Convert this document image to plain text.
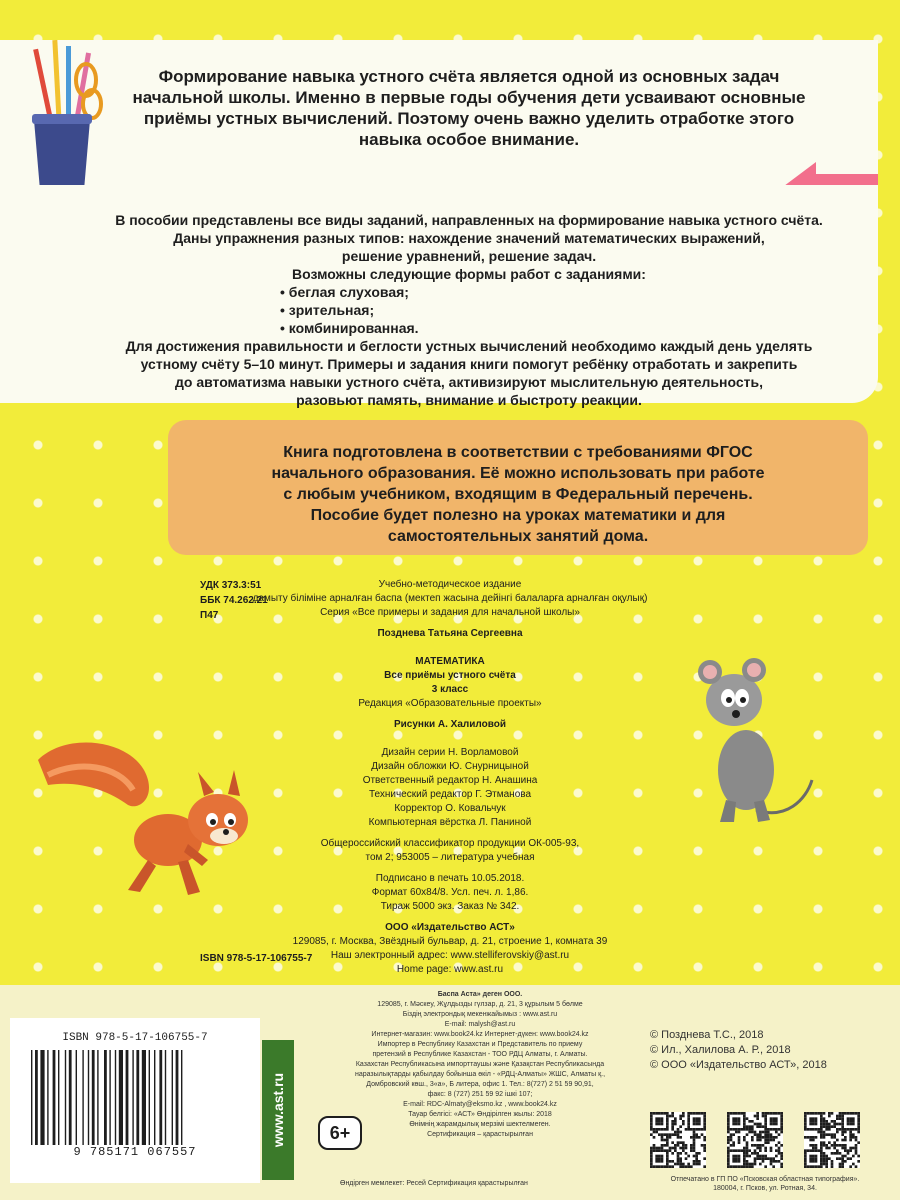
Формирование навыка устного счёта является одной из основных задач

начальной школы. Именно в первые годы обучения дети усваивают основные

приёмы устных вычислений. Поэтому очень важно уделить отработке этого

навыка особое внимание.

В пособии представлены все виды заданий, направленных на формирование навыка устного счёта.
Даны упражнения разных типов: нахождение значений математических выражений,
решение уравнений, решение задач.
Возможны следующие формы работ с заданиями:
• беглая слуховая;
• зрительная;
• комбинированная.
Для достижения правильности и беглости устных вычислений необходимо каждый день уделять
устному счёту 5–10 минут. Примеры и задания книги помогут ребёнку отработать и закрепить
до автоматизма навыки устного счёта, активизируют мыслительную деятельность,
разовьют память, внимание и быстроту реакции.
Книга подготовлена в соответствии с требованиями ФГОС
начального образования. Её можно использовать при работе
с любым учебником, входящим в Федеральный перечень.
Пособие будет полезно на уроках математики и для
самостоятельных занятий дома.
УДК 373.3:51
ББК 74.262.21
П47
Учебно-методическое издание
дамыту біліміне арналған баспа (мектеп жасына дейінгі балаларға арналған оқулық)
Серия «Все примеры и задания для начальной школы»
Позднева Татьяна Сергеевна
МАТЕМАТИКА
Все приёмы устного счёта
3 класс
Редакция «Образовательные проекты»
Рисунки А. Халиловой
Дизайн серии Н. Ворламовой
Дизайн обложки Ю. Снурницыной
Ответственный редактор Н. Анашина
Технический редактор Г. Этманова
Корректор О. Ковальчук
Компьютерная вёрстка Л. Паниной
Общероссийский классификатор продукции ОК-005-93,
том 2; 953005 – литература учебная
Подписано в печать 10.05.2018.
Формат 60x84/8. Усл. печ. л. 1,86.
Тираж 5000 экз. Заказ № 342.
ООО «Издательство АСТ»
129085, г. Москва, Звёздный бульвар, д. 21, строение 1, комната 39
Наш электронный адрес: www.stelliferovskiy@ast.ru
Home page: www.ast.ru
ISBN 978-5-17-106755-7
ISBN 978-5-17-106755-7
9 785171 067557
www.ast.ru
Баспа Аста» деген ООО.
129085, г. Мәскеу, Жұлдызды гүлзар, д. 21, 3 құрылым 5 бөлме
Біздің электрондық мекенжайымыз : www.ast.ru
E-mail: malysh@ast.ru
Интернет-магазин: www.book24.kz Интернет-дүкен: www.book24.kz
Импортер в Республику Казахстан и Представитель по приему
претензий в Республике Казахстан - ТОО РДЦ Алматы, г. Алматы.
Казахстан Республикасына импорттаушы және Қазақстан Республикасында
наразылықтарды қабылдау бойынша өкіл - «РДЦ-Алматы» ЖШС, Алматы қ.,
Домбровский көш., 3«а», Б литера, офис 1. Тел.: 8(727) 2 51 59 90,91,
факс: 8 (727) 251 59 92 ішкі 107;
E-mail: RDC-Almaty@eksmo.kz , www.book24.kz
Тауар белгісі: «АСТ» Өндірілген жылы: 2018
Өнімнің жарамдылық мерзімі шектелмеген.
Сертификация – қарастырылған
6+
Өндірген мемлекет: Ресей Сертификация қарастырылған
© Позднева Т.С., 2018
© Ил., Халилова А. Р., 2018
© ООО «Издательство АСТ», 2018
Отпечатано в ГП ПО «Псковская областная типография».
180004, г. Псков, ул. Ротная, 34.
